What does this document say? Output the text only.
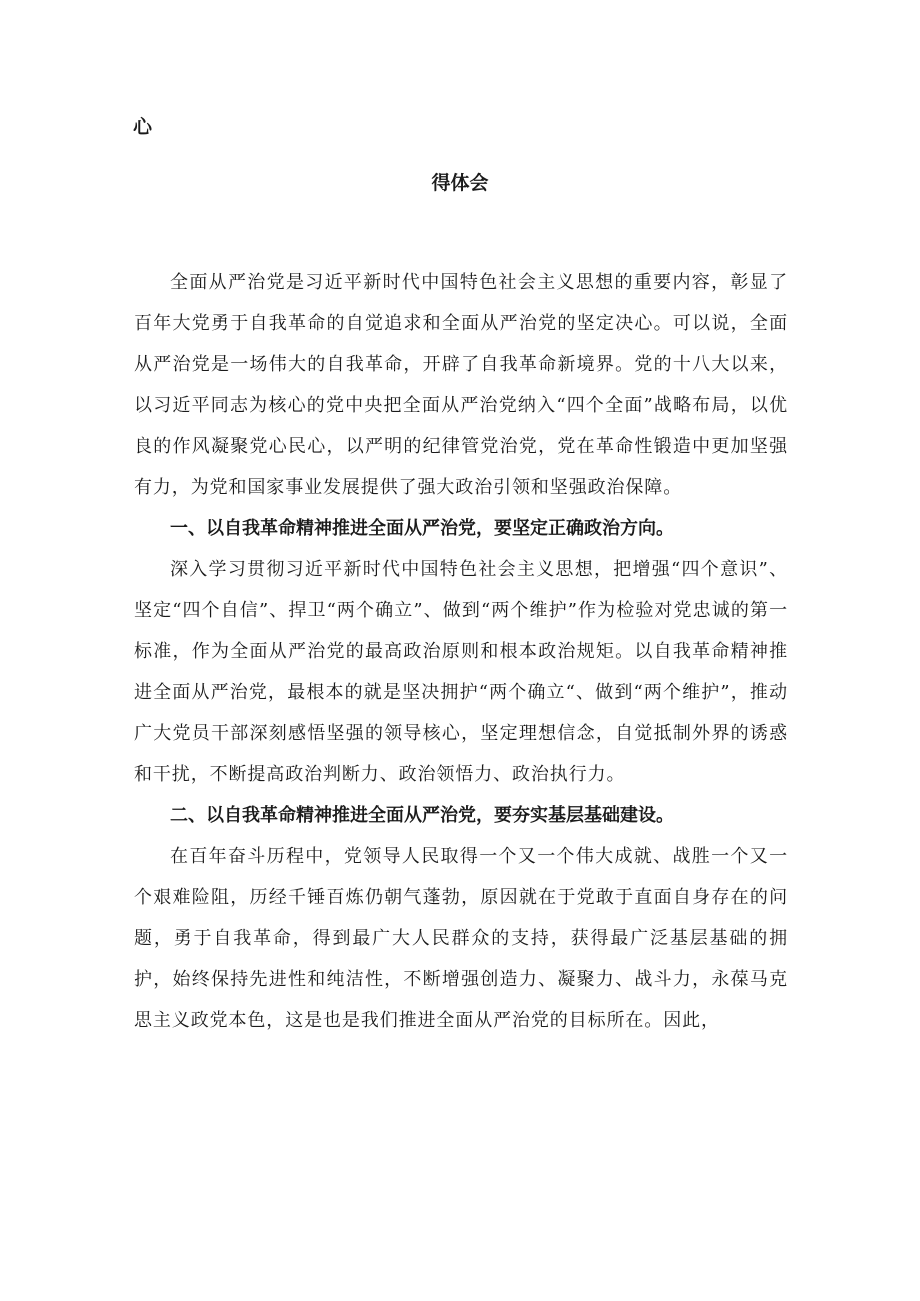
心

得体会

全面从严治党是习近平新时代中国特色社会主义思想的重要内容，彰显了百年大党勇于自我革命的自觉追求和全面从严治党的坚定决心。可以说，全面从严治党是一场伟大的自我革命，开辟了自我革命新境界。党的十八大以来，以习近平同志为核心的党中央把全面从严治党纳入“四个全面”战略布局，以优良的作风凝聚党心民心，以严明的纪律管党治党，党在革命性锻造中更加坚强有力，为党和国家事业发展提供了强大政治引领和坚强政治保障。

一、以自我革命精神推进全面从严治党，要坚定正确政治方向。

深入学习贯彻习近平新时代中国特色社会主义思想，把增强“四个意识”、坚定“四个自信”、捍卫“两个确立”、做到“两个维护”作为检验对党忠诚的第一标准，作为全面从严治党的最高政治原则和根本政治规矩。以自我革命精神推进全面从严治党，最根本的就是坚决拥护“两个确立“、做到“两个维护”，推动广大党员干部深刻感悟坚强的领导核心，坚定理想信念，自觉抵制外界的诱惑和干扰，不断提高政治判断力、政治领悟力、政治执行力。

二、以自我革命精神推进全面从严治党，要夯实基层基础建设。

在百年奋斗历程中，党领导人民取得一个又一个伟大成就、战胜一个又一个艰难险阻，历经千锤百炼仍朝气蓬勃，原因就在于党敢于直面自身存在的问题，勇于自我革命，得到最广大人民群众的支持，获得最广泛基层基础的拥护，始终保持先进性和纯洁性，不断增强创造力、凝聚力、战斗力，永葆马克思主义政党本色，这是也是我们推进全面从严治党的目标所在。因此，
